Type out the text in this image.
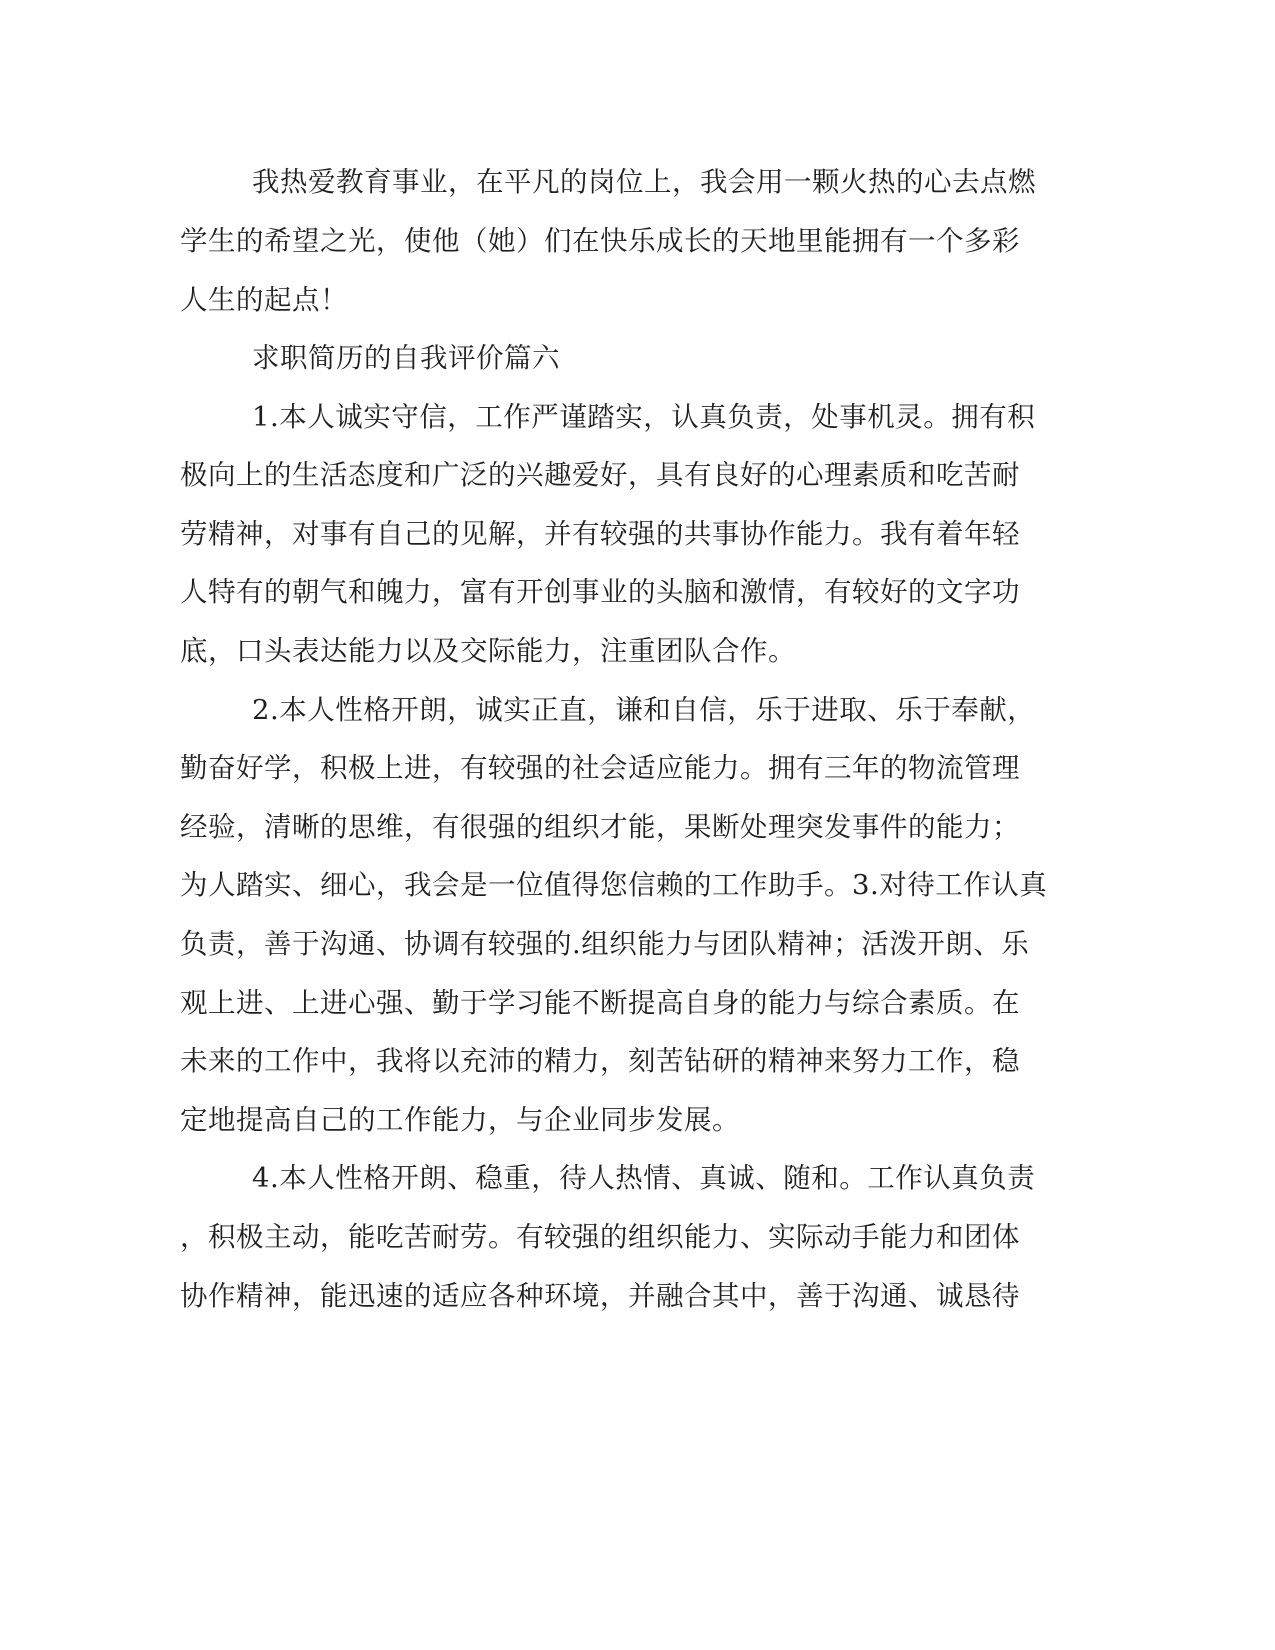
我热爱教育事业，在平凡的岗位上，我会用一颗火热的心去点燃
学生的希望之光，使他（她）们在快乐成长的天地里能拥有一个多彩
人生的起点！
求职简历的自我评价篇六
1.本人诚实守信，工作严谨踏实，认真负责，处事机灵。拥有积
极向上的生活态度和广泛的兴趣爱好，具有良好的心理素质和吃苦耐
劳精神，对事有自己的见解，并有较强的共事协作能力。我有着年轻
人特有的朝气和魄力，富有开创事业的头脑和激情，有较好的文字功
底，口头表达能力以及交际能力，注重团队合作。
2.本人性格开朗，诚实正直，谦和自信，乐于进取、乐于奉献，
勤奋好学，积极上进，有较强的社会适应能力。拥有三年的物流管理
经验，清晰的思维，有很强的组织才能，果断处理突发事件的能力；
为人踏实、细心，我会是一位值得您信赖的工作助手。3.对待工作认真
负责，善于沟通、协调有较强的.组织能力与团队精神；活泼开朗、乐
观上进、上进心强、勤于学习能不断提高自身的能力与综合素质。在
未来的工作中，我将以充沛的精力，刻苦钻研的精神来努力工作，稳
定地提高自己的工作能力，与企业同步发展。
4.本人性格开朗、稳重，待人热情、真诚、随和。工作认真负责
，积极主动，能吃苦耐劳。有较强的组织能力、实际动手能力和团体
协作精神，能迅速的适应各种环境，并融合其中，善于沟通、诚恳待
